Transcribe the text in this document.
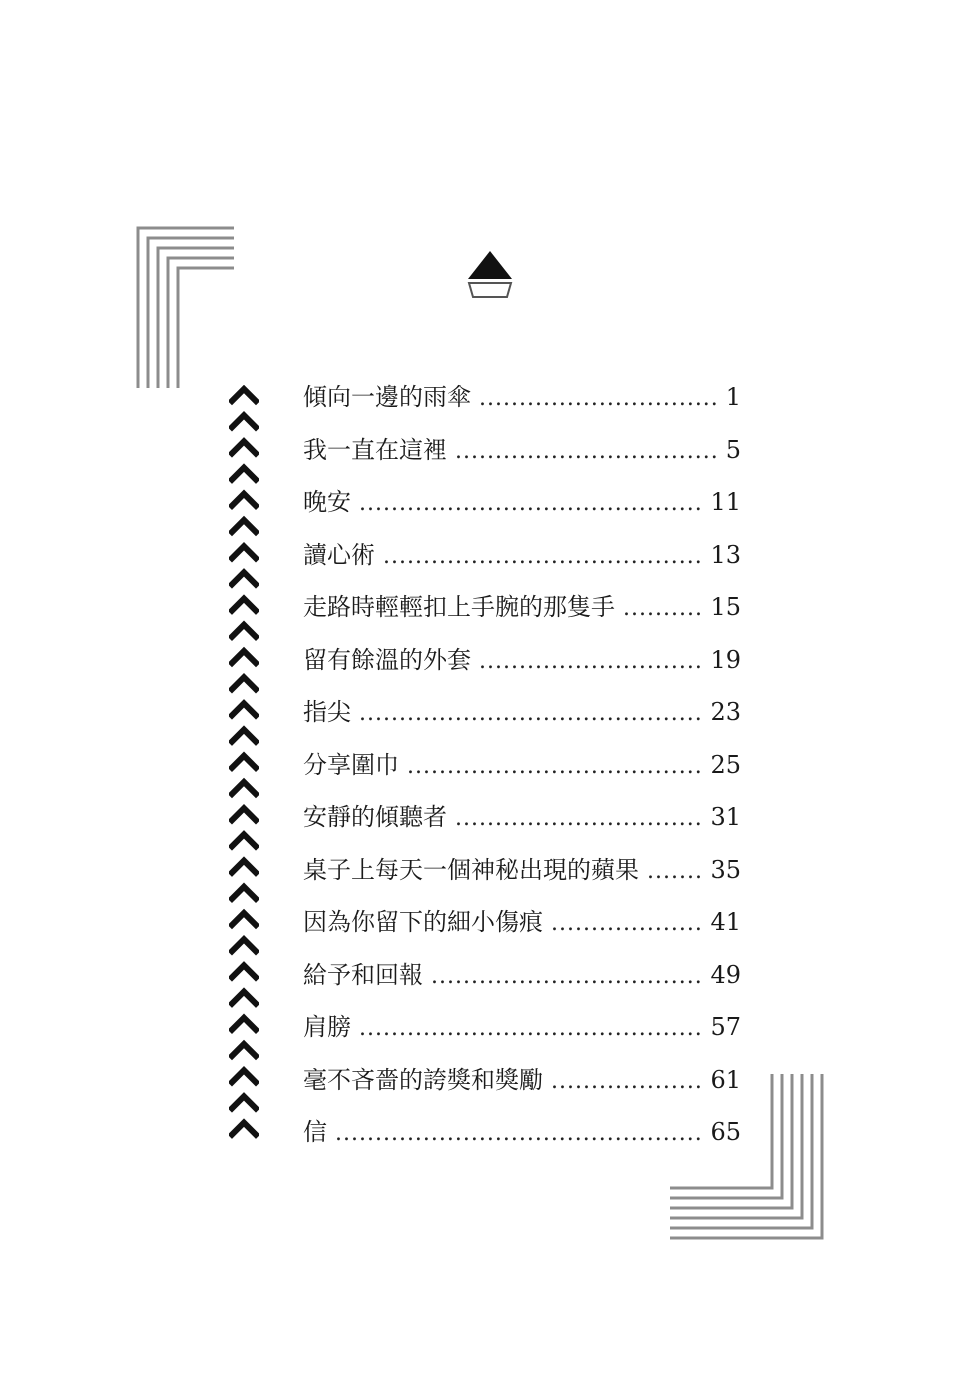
傾向一邊的雨傘 .....	1
我一直在這裡 .....	5
晚安 .....	11
讀心術 .....	13
走路時輕輕扣上手腕的那隻手 .....	15
留有餘溫的外套 .....	19
指尖 .....	23
分享圍巾 .....	25
安靜的傾聽者 .....	31
桌子上每天一個神秘出現的蘋果 .....	35
因為你留下的細小傷痕 .....	41
給予和回報 .....	49
肩膀 .....	57
毫不吝嗇的誇獎和獎勵 .....	61
信 .....	65
